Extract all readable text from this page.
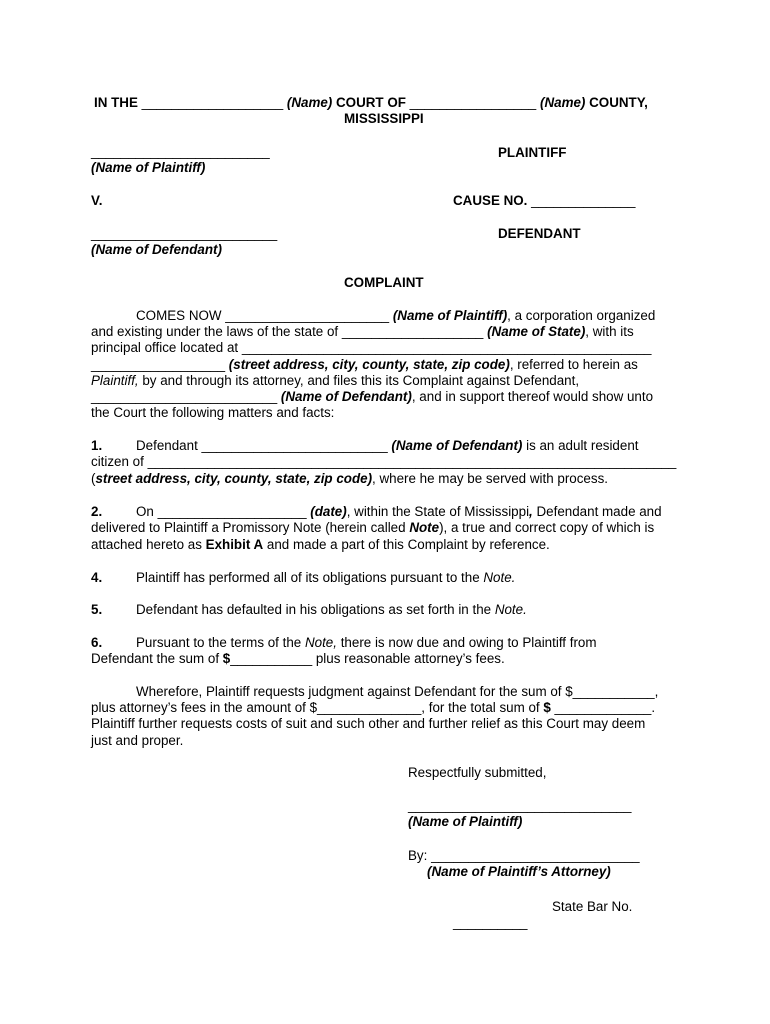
IN THE ___________________ (Name) COURT OF _________________ (Name) COUNTY,
MISSISSIPPI
________________________	PLAINTIFF
(Name of Plaintiff)
V.	CAUSE NO. ______________
_________________________	DEFENDANT
(Name of Defendant)
COMPLAINT
COMES NOW ______________________ (Name of Plaintiff), a corporation organized
and existing under the laws of the state of ___________________ (Name of State), with its
principal office located at _______________________________________________________
__________________ (street address, city, county, state, zip code), referred to herein as
Plaintiff, by and through its attorney, and files this its Complaint against Defendant,
_________________________ (Name of Defendant), and in support thereof would show unto
the Court the following matters and facts:
1.	Defendant _________________________ (Name of Defendant) is an adult resident
citizen of _______________________________________________________________________
(street address, city, county, state, zip code), where he may be served with process.
2.	On ____________________ (date), within the State of Mississippi, Defendant made and
delivered to Plaintiff a Promissory Note (herein called Note), a true and correct copy of which is
attached hereto as Exhibit A and made a part of this Complaint by reference.
4.	Plaintiff has performed all of its obligations pursuant to the Note.
5.	Defendant has defaulted in his obligations as set forth in the Note.
6.	Pursuant to the terms of the Note, there is now due and owing to Plaintiff from
Defendant the sum of $___________ plus reasonable attorney’s fees.
Wherefore, Plaintiff requests judgment against Defendant for the sum of $___________,
plus attorney’s fees in the amount of $______________, for the total sum of $ _____________.
Plaintiff further requests costs of suit and such other and further relief as this Court may deem
just and proper.
Respectfully submitted,
______________________________
(Name of Plaintiff)
By: ____________________________
(Name of Plaintiff’s Attorney)
State Bar No.
__________
